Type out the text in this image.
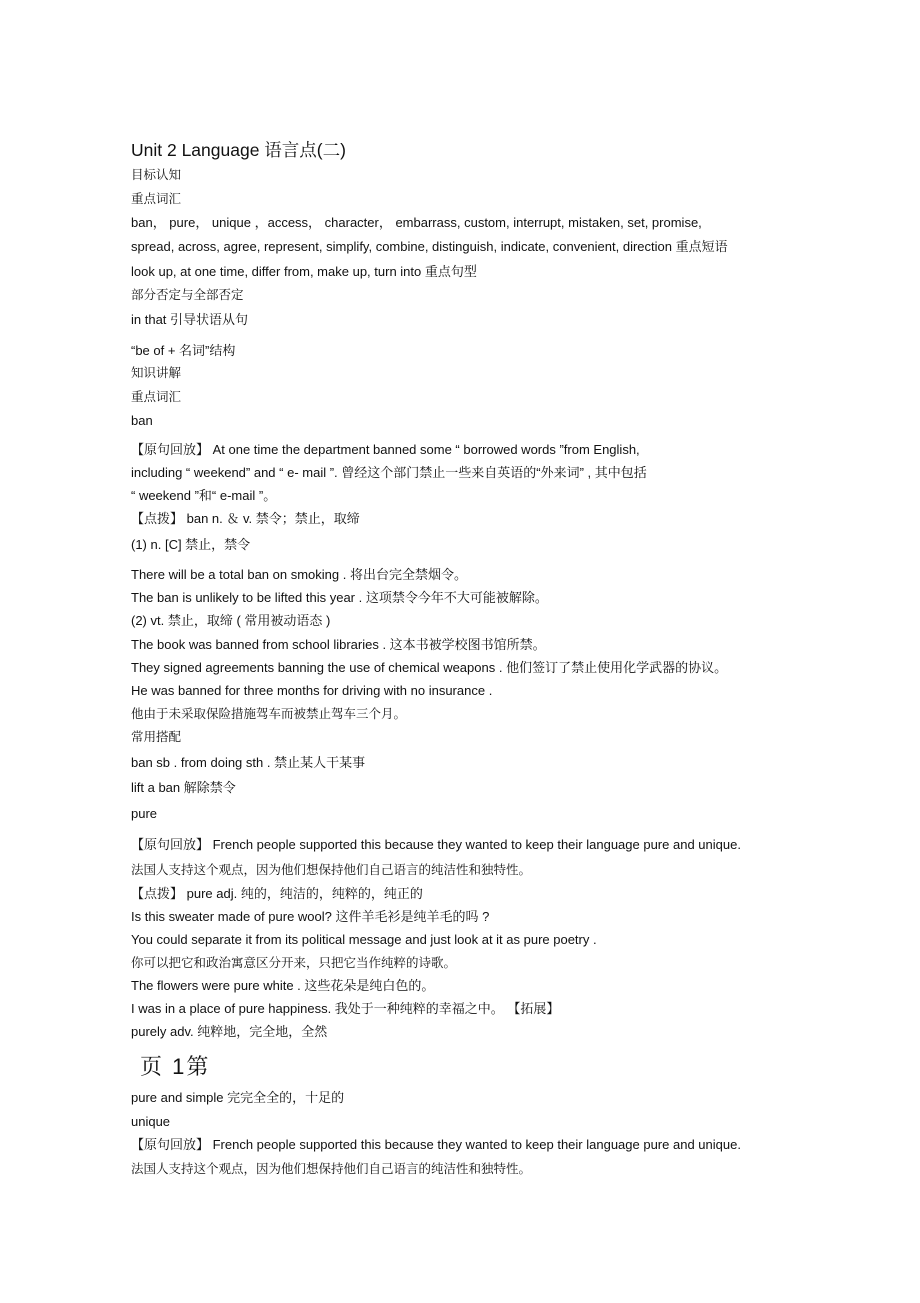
Unit 2 Language 语言点(二)
目标认知
重点词汇
ban， pure， unique ，access， character， embarrass, custom, interrupt, mistaken, set, promise,
spread, across, agree, represent, simplify, combine, distinguish, indicate, convenient, direction 重点短语
look up, at one time, differ from, make up, turn into 重点句型
部分否定与全部否定
in that 引导状语从句
“be of + 名词”结构
知识讲解
重点词汇
ban
【原句回放】 At one time the department banned some “ borrowed words ”from English,
including “ weekend” and “ e- mail ”. 曾经这个部门禁止一些来自英语的“外来词” , 其中包括
“ weekend ”和“ e-mail ”。
【点拨】 ban n. ＆ v. 禁令；禁止，取缔
(1) n. [C] 禁止，禁令
There will be a total ban on smoking . 将出台完全禁烟令。
The ban is unlikely to be lifted this year . 这项禁令今年不大可能被解除。
(2) vt. 禁止，取缔 ( 常用被动语态 )
The book was banned from school libraries . 这本书被学校图书馆所禁。
They signed agreements banning the use of chemical weapons . 他们签订了禁止使用化学武器的协议。
He was banned for three months for driving with no insurance .
他由于未采取保险措施驾车而被禁止驾车三个月。
常用搭配
ban sb . from doing sth . 禁止某人干某事
lift a ban 解除禁令
pure
【原句回放】 French people supported this because they wanted to keep their language pure and unique.
法国人支持这个观点，因为他们想保持他们自己语言的纯洁性和独特性。
【点拨】 pure adj. 纯的，纯洁的，纯粹的，纯正的
Is this sweater made of pure wool? 这件羊毛衫是纯羊毛的吗 ?
You could separate it from its political message and just look at it as pure poetry .
你可以把它和政治寓意区分开来，只把它当作纯粹的诗歌。
The flowers were pure white . 这些花朵是纯白色的。
I was in a place of pure happiness. 我处于一种纯粹的幸福之中。 【拓展】
purely adv. 纯粹地，完全地，全然
页 1第
pure and simple 完完全全的，十足的
unique
【原句回放】 French people supported this because they wanted to keep their language pure and unique.
法国人支持这个观点，因为他们想保持他们自己语言的纯洁性和独特性。
